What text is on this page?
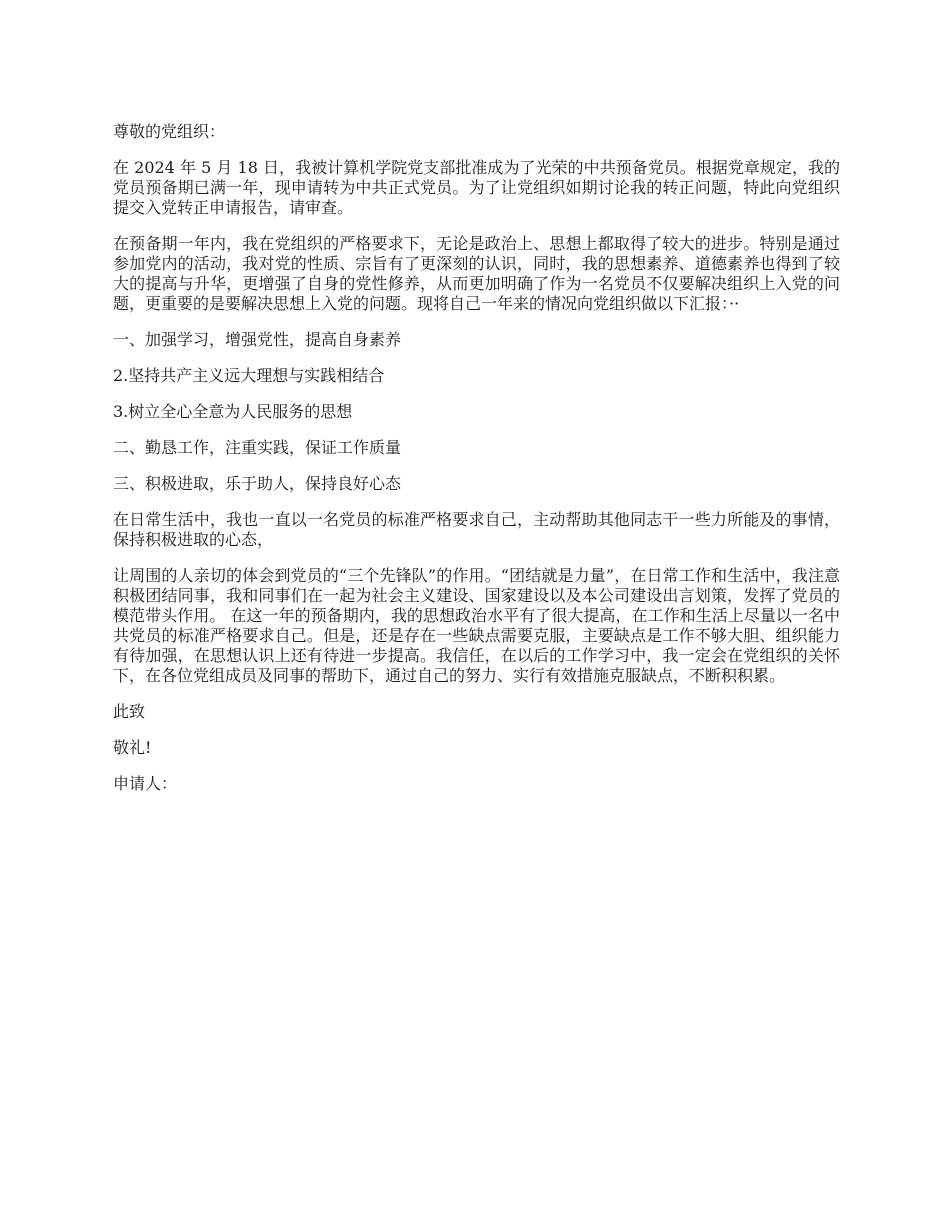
尊敬的党组织：

在 2024 年 5 月 18 日，我被计算机学院党支部批准成为了光荣的中共预备党员。根据党章规定，我的党员预备期已满一年，现申请转为中共正式党员。为了让党组织如期讨论我的转正问题，特此向党组织提交入党转正申请报告，请审查。

在预备期一年内，我在党组织的严格要求下，无论是政治上、思想上都取得了较大的进步。特别是通过参加党内的活动，我对党的性质、宗旨有了更深刻的认识，同时，我的思想素养、道德素养也得到了较大的提高与升华，更增强了自身的党性修养，从而更加明确了作为一名党员不仅要解决组织上入党的问题，更重要的是要解决思想上入党的问题。现将自己一年来的情况向党组织做以下汇报：··

一、加强学习，增强党性，提高自身素养

2.坚持共产主义远大理想与实践相结合

3.树立全心全意为人民服务的思想

二、勤恳工作，注重实践，保证工作质量

三、积极进取，乐于助人，保持良好心态

在日常生活中，我也一直以一名党员的标准严格要求自己，主动帮助其他同志干一些力所能及的事情，保持积极进取的心态，

让周围的人亲切的体会到党员的“三个先锋队”的作用。“团结就是力量”，在日常工作和生活中，我注意积极团结同事，我和同事们在一起为社会主义建设、国家建设以及本公司建设出言划策，发挥了党员的模范带头作用。 在这一年的预备期内，我的思想政治水平有了很大提高，在工作和生活上尽量以一名中共党员的标准严格要求自己。但是，还是存在一些缺点需要克服，主要缺点是工作不够大胆、组织能力有待加强，在思想认识上还有待进一步提高。我信任，在以后的工作学习中，我一定会在党组织的关怀下，在各位党组成员及同事的帮助下，通过自己的努力、实行有效措施克服缺点，不断积积累。

此致

敬礼!

申请人：
